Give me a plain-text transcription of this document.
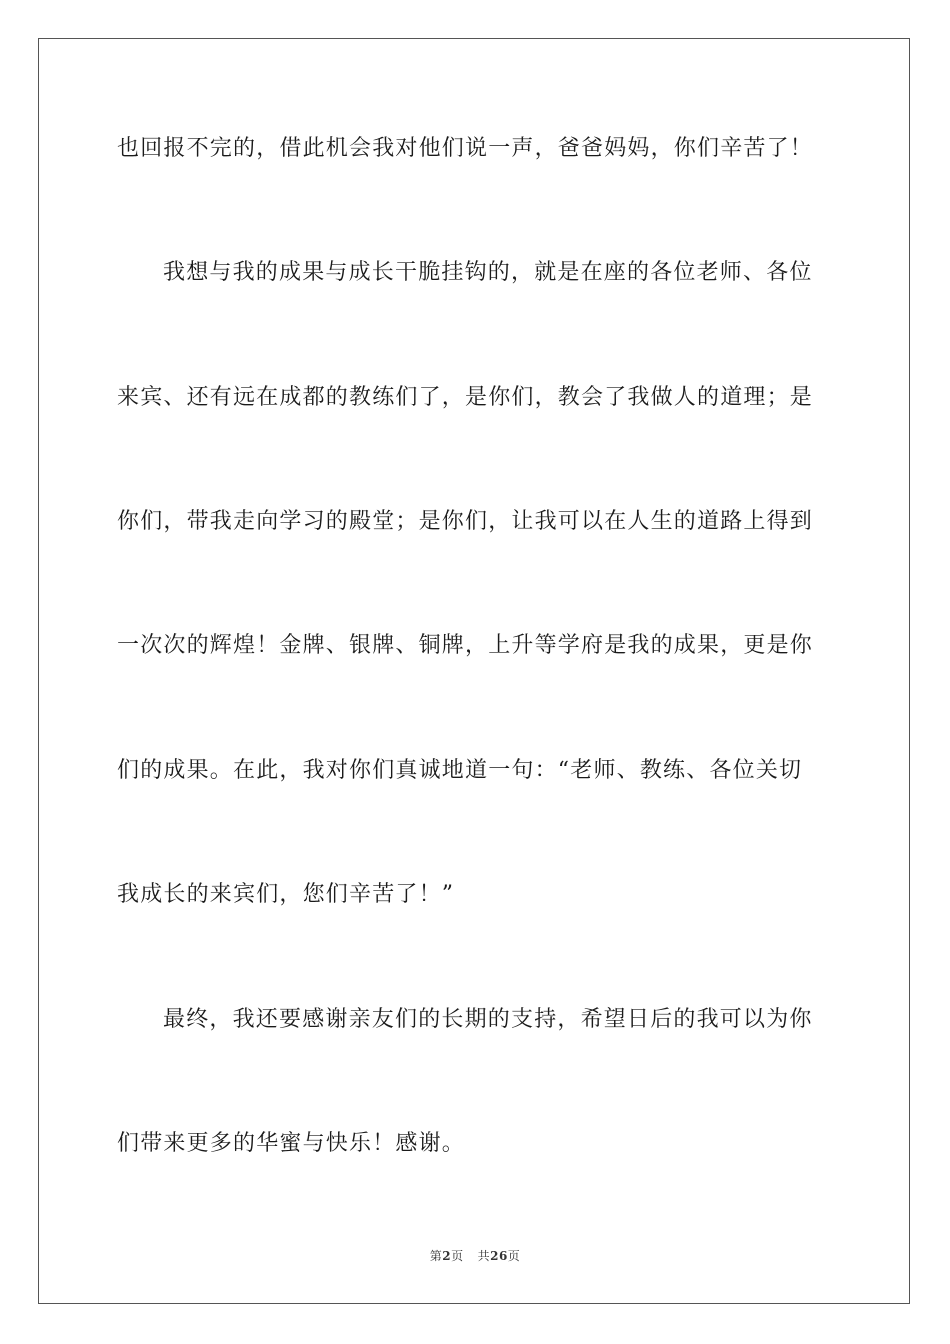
也回报不完的，借此机会我对他们说一声，爸爸妈妈，你们辛苦了！
我想与我的成果与成长干脆挂钩的，就是在座的各位老师、各位
来宾、还有远在成都的教练们了，是你们，教会了我做人的道理；是
你们，带我走向学习的殿堂；是你们，让我可以在人生的道路上得到
一次次的辉煌！金牌、银牌、铜牌，上升等学府是我的成果，更是你
们的成果。在此，我对你们真诚地道一句：“老师、教练、各位关切
我成长的来宾们，您们辛苦了！”
最终，我还要感谢亲友们的长期的支持，希望日后的我可以为你
们带来更多的华蜜与快乐！感谢。
第2页 共26页
